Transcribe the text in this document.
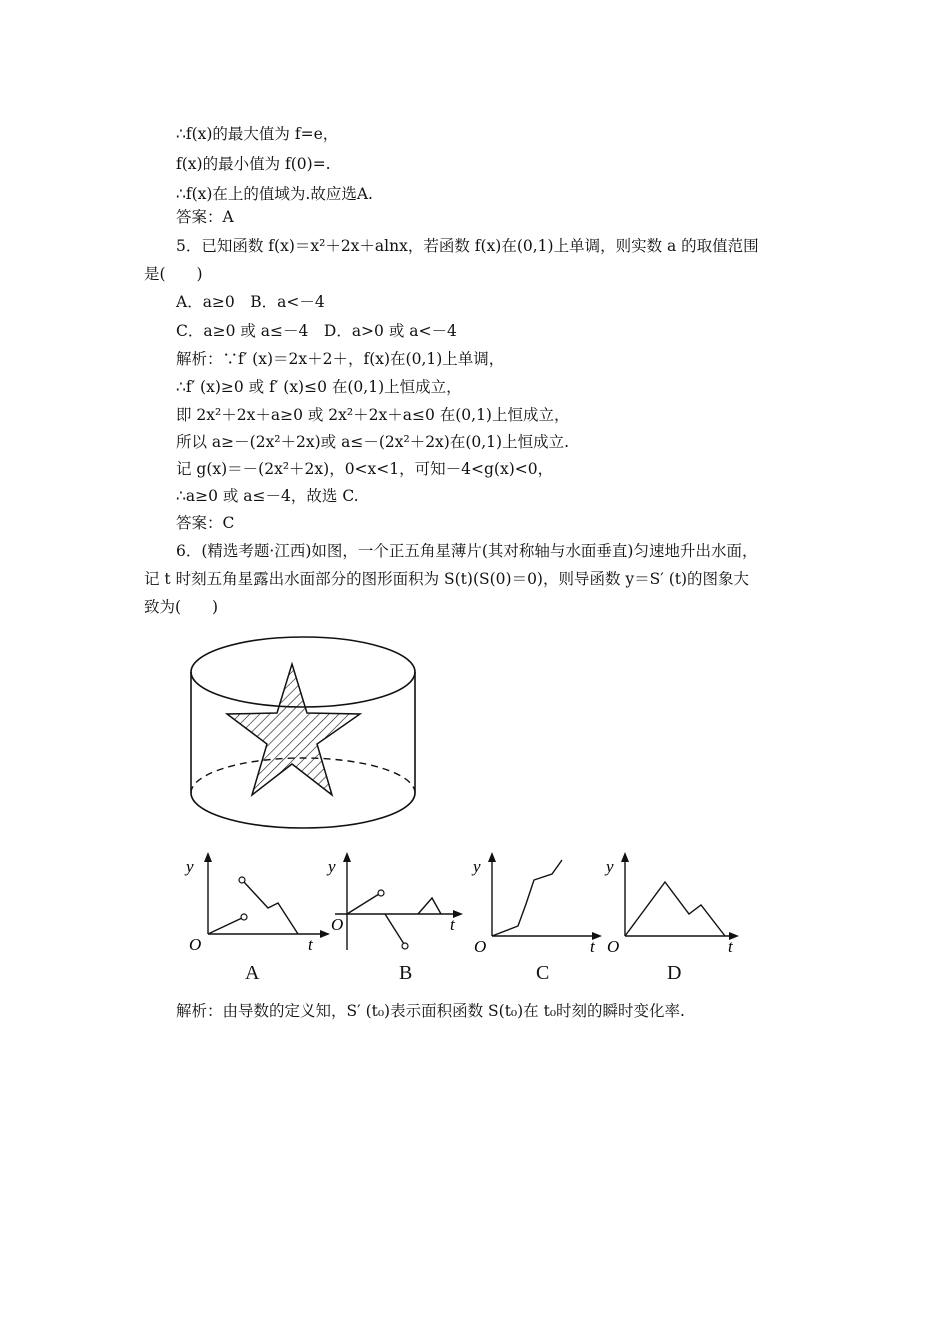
∴f(x)的最大值为 f=e，
f(x)的最小值为 f(0)=.
∴f(x)在上的值域为.故应选A.
答案：A
5．已知函数 f(x)＝x²＋2x＋alnx，若函数 f(x)在(0,1)上单调，则实数 a 的取值范围
是(　　)
A．a≥0　B．a<－4
C．a≥0 或 a≤－4　D．a>0 或 a<－4
解析：∵f′ (x)＝2x＋2＋，f(x)在(0,1)上单调，
∴f′ (x)≥0 或 f′ (x)≤0 在(0,1)上恒成立，
即 2x²＋2x＋a≥0 或 2x²＋2x＋a≤0 在(0,1)上恒成立，
所以 a≥－(2x²＋2x)或 a≤－(2x²＋2x)在(0,1)上恒成立.
记 g(x)＝－(2x²＋2x)，0<x<1，可知－4<g(x)<0，
∴a≥0 或 a≤－4，故选 C.
答案：C
6．(精选考题·江西)如图，一个正五角星薄片(其对称轴与水面垂直)匀速地升出水面，
记 t 时刻五角星露出水面部分的图形面积为 S(t)(S(0)＝0)，则导函数 y＝S′ (t)的图象大
致为(　　)
解析：由导数的定义知，S′ (t₀)表示面积函数 S(t₀)在 t₀时刻的瞬时变化率.
y
O	t
y
O	t
y
O	t
y
O	t
A	B	C	D
